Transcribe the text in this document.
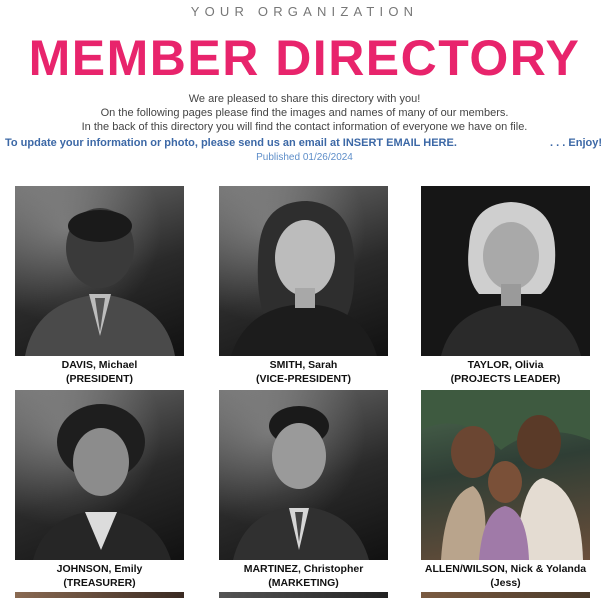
YOUR ORGANIZATION
MEMBER DIRECTORY
We are pleased to share this directory with you!
On the following pages please find the images and names of many of our members.
In the back of this directory you will find the contact information of everyone we have on file.
To update your information or photo, please send us an email at INSERT EMAIL HERE.	. . . Enjoy!
Published 01/26/2024
DAVIS, Michael
(PRESIDENT)
SMITH, Sarah
(VICE-PRESIDENT)
TAYLOR, Olivia
(PROJECTS LEADER)
JOHNSON, Emily
(TREASURER)
MARTINEZ, Christopher
(MARKETING)
ALLEN/WILSON, Nick & Yolanda
(Jess)
